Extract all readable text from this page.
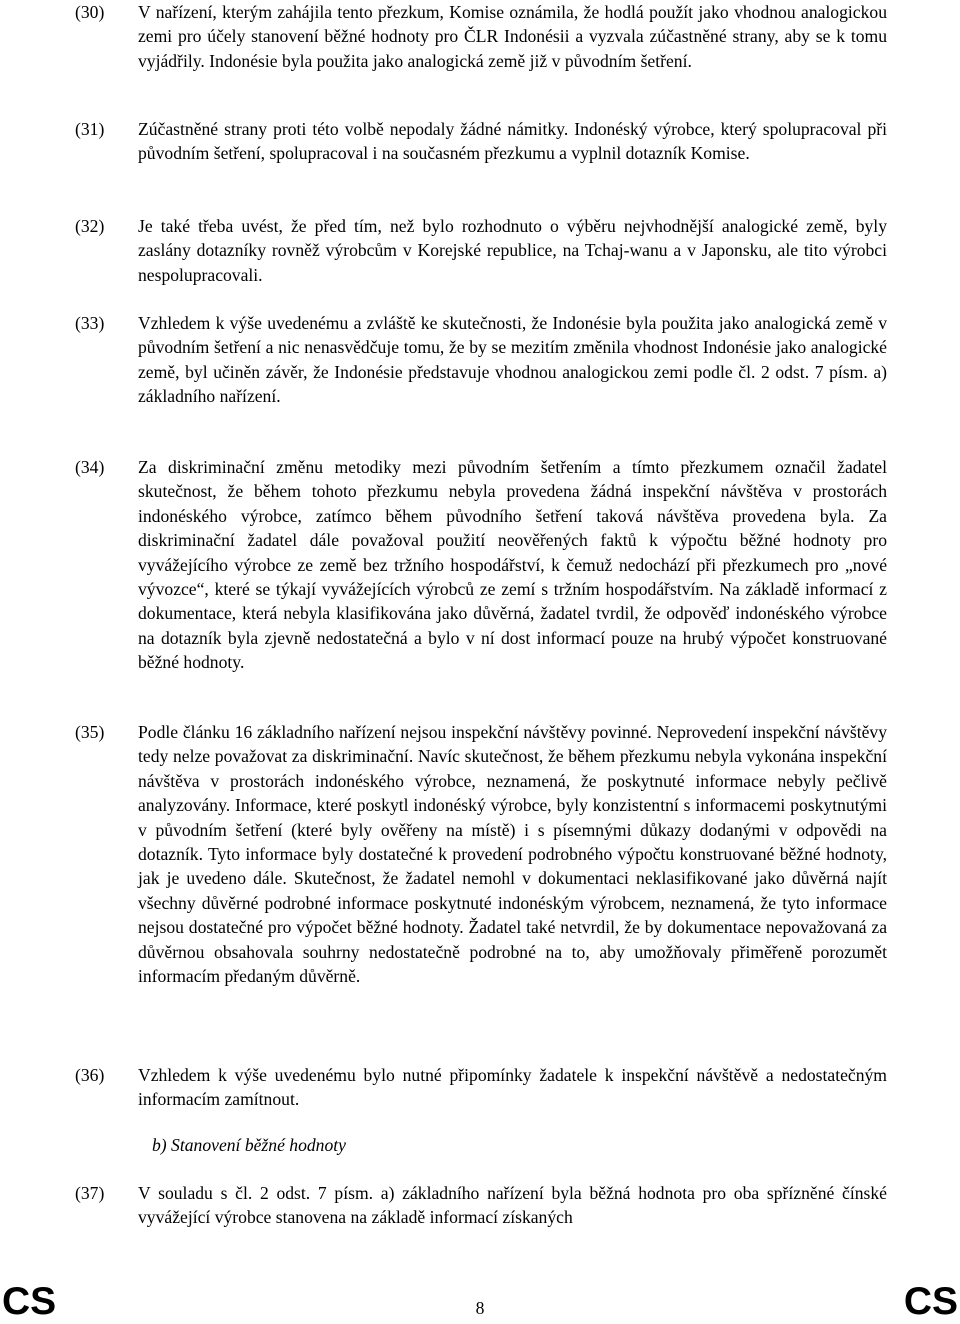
(30)	V nařízení, kterým zahájila tento přezkum, Komise oznámila, že hodlá použít jako vhodnou analogickou zemi pro účely stanovení běžné hodnoty pro ČLR Indonésii a vyzvala zúčastněné strany, aby se k tomu vyjádřily. Indonésie byla použita jako analogická země již v původním šetření.
(31)	Zúčastněné strany proti této volbě nepodaly žádné námitky. Indonéský výrobce, který spolupracoval při původním šetření, spolupracoval i na současném přezkumu a vyplnil dotazník Komise.
(32)	Je také třeba uvést, že před tím, než bylo rozhodnuto o výběru nejvhodnější analogické země, byly zaslány dotazníky rovněž výrobcům v Korejské republice, na Tchaj-wanu a v Japonsku, ale tito výrobci nespolupracovali.
(33)	Vzhledem k výše uvedenému a zvláště ke skutečnosti, že Indonésie byla použita jako analogická země v původním šetření a nic nenasvědčuje tomu, že by se mezitím změnila vhodnost Indonésie jako analogické země, byl učiněn závěr, že Indonésie představuje vhodnou analogickou zemi podle čl. 2 odst. 7 písm. a) základního nařízení.
(34)	Za diskriminační změnu metodiky mezi původním šetřením a tímto přezkumem označil žadatel skutečnost, že během tohoto přezkumu nebyla provedena žádná inspekční návštěva v prostorách indonéského výrobce, zatímco během původního šetření taková návštěva provedena byla. Za diskriminační žadatel dále považoval použití neověřených faktů k výpočtu běžné hodnoty pro vyvážejícího výrobce ze země bez tržního hospodářství, k čemuž nedochází při přezkumech pro „nové vývozce“, které se týkají vyvážejících výrobců ze zemí s tržním hospodářstvím. Na základě informací z dokumentace, která nebyla klasifikována jako důvěrná, žadatel tvrdil, že odpověď indonéského výrobce na dotazník byla zjevně nedostatečná a bylo v ní dost informací pouze na hrubý výpočet konstruované běžné hodnoty.
(35)	Podle článku 16 základního nařízení nejsou inspekční návštěvy povinné. Neprovedení inspekční návštěvy tedy nelze považovat za diskriminační. Navíc skutečnost, že během přezkumu nebyla vykonána inspekční návštěva v prostorách indonéského výrobce, neznamená, že poskytnuté informace nebyly pečlivě analyzovány. Informace, které poskytl indonéský výrobce, byly konzistentní s informacemi poskytnutými v původním šetření (které byly ověřeny na místě) i s písemnými důkazy dodanými v odpovědi na dotazník. Tyto informace byly dostatečné k provedení podrobného výpočtu konstruované běžné hodnoty, jak je uvedeno dále. Skutečnost, že žadatel nemohl v dokumentaci neklasifikované jako důvěrná najít všechny důvěrné podrobné informace poskytnuté indonéským výrobcem, neznamená, že tyto informace nejsou dostatečné pro výpočet běžné hodnoty. Žadatel také netvrdil, že by dokumentace nepovažovaná za důvěrnou obsahovala souhrny nedostatečně podrobné na to, aby umožňovaly přiměřeně porozumět informacím předaným důvěrně.
(36)	Vzhledem k výše uvedenému bylo nutné připomínky žadatele k inspekční návštěvě a nedostatečným informacím zamítnout.
(37)	V souladu s čl. 2 odst. 7 písm. a) základního nařízení byla běžná hodnota pro oba spřízněné čínské vyvážející výrobce stanovena na základě informací získaných
b) Stanovení běžné hodnoty
CS	8	CS
